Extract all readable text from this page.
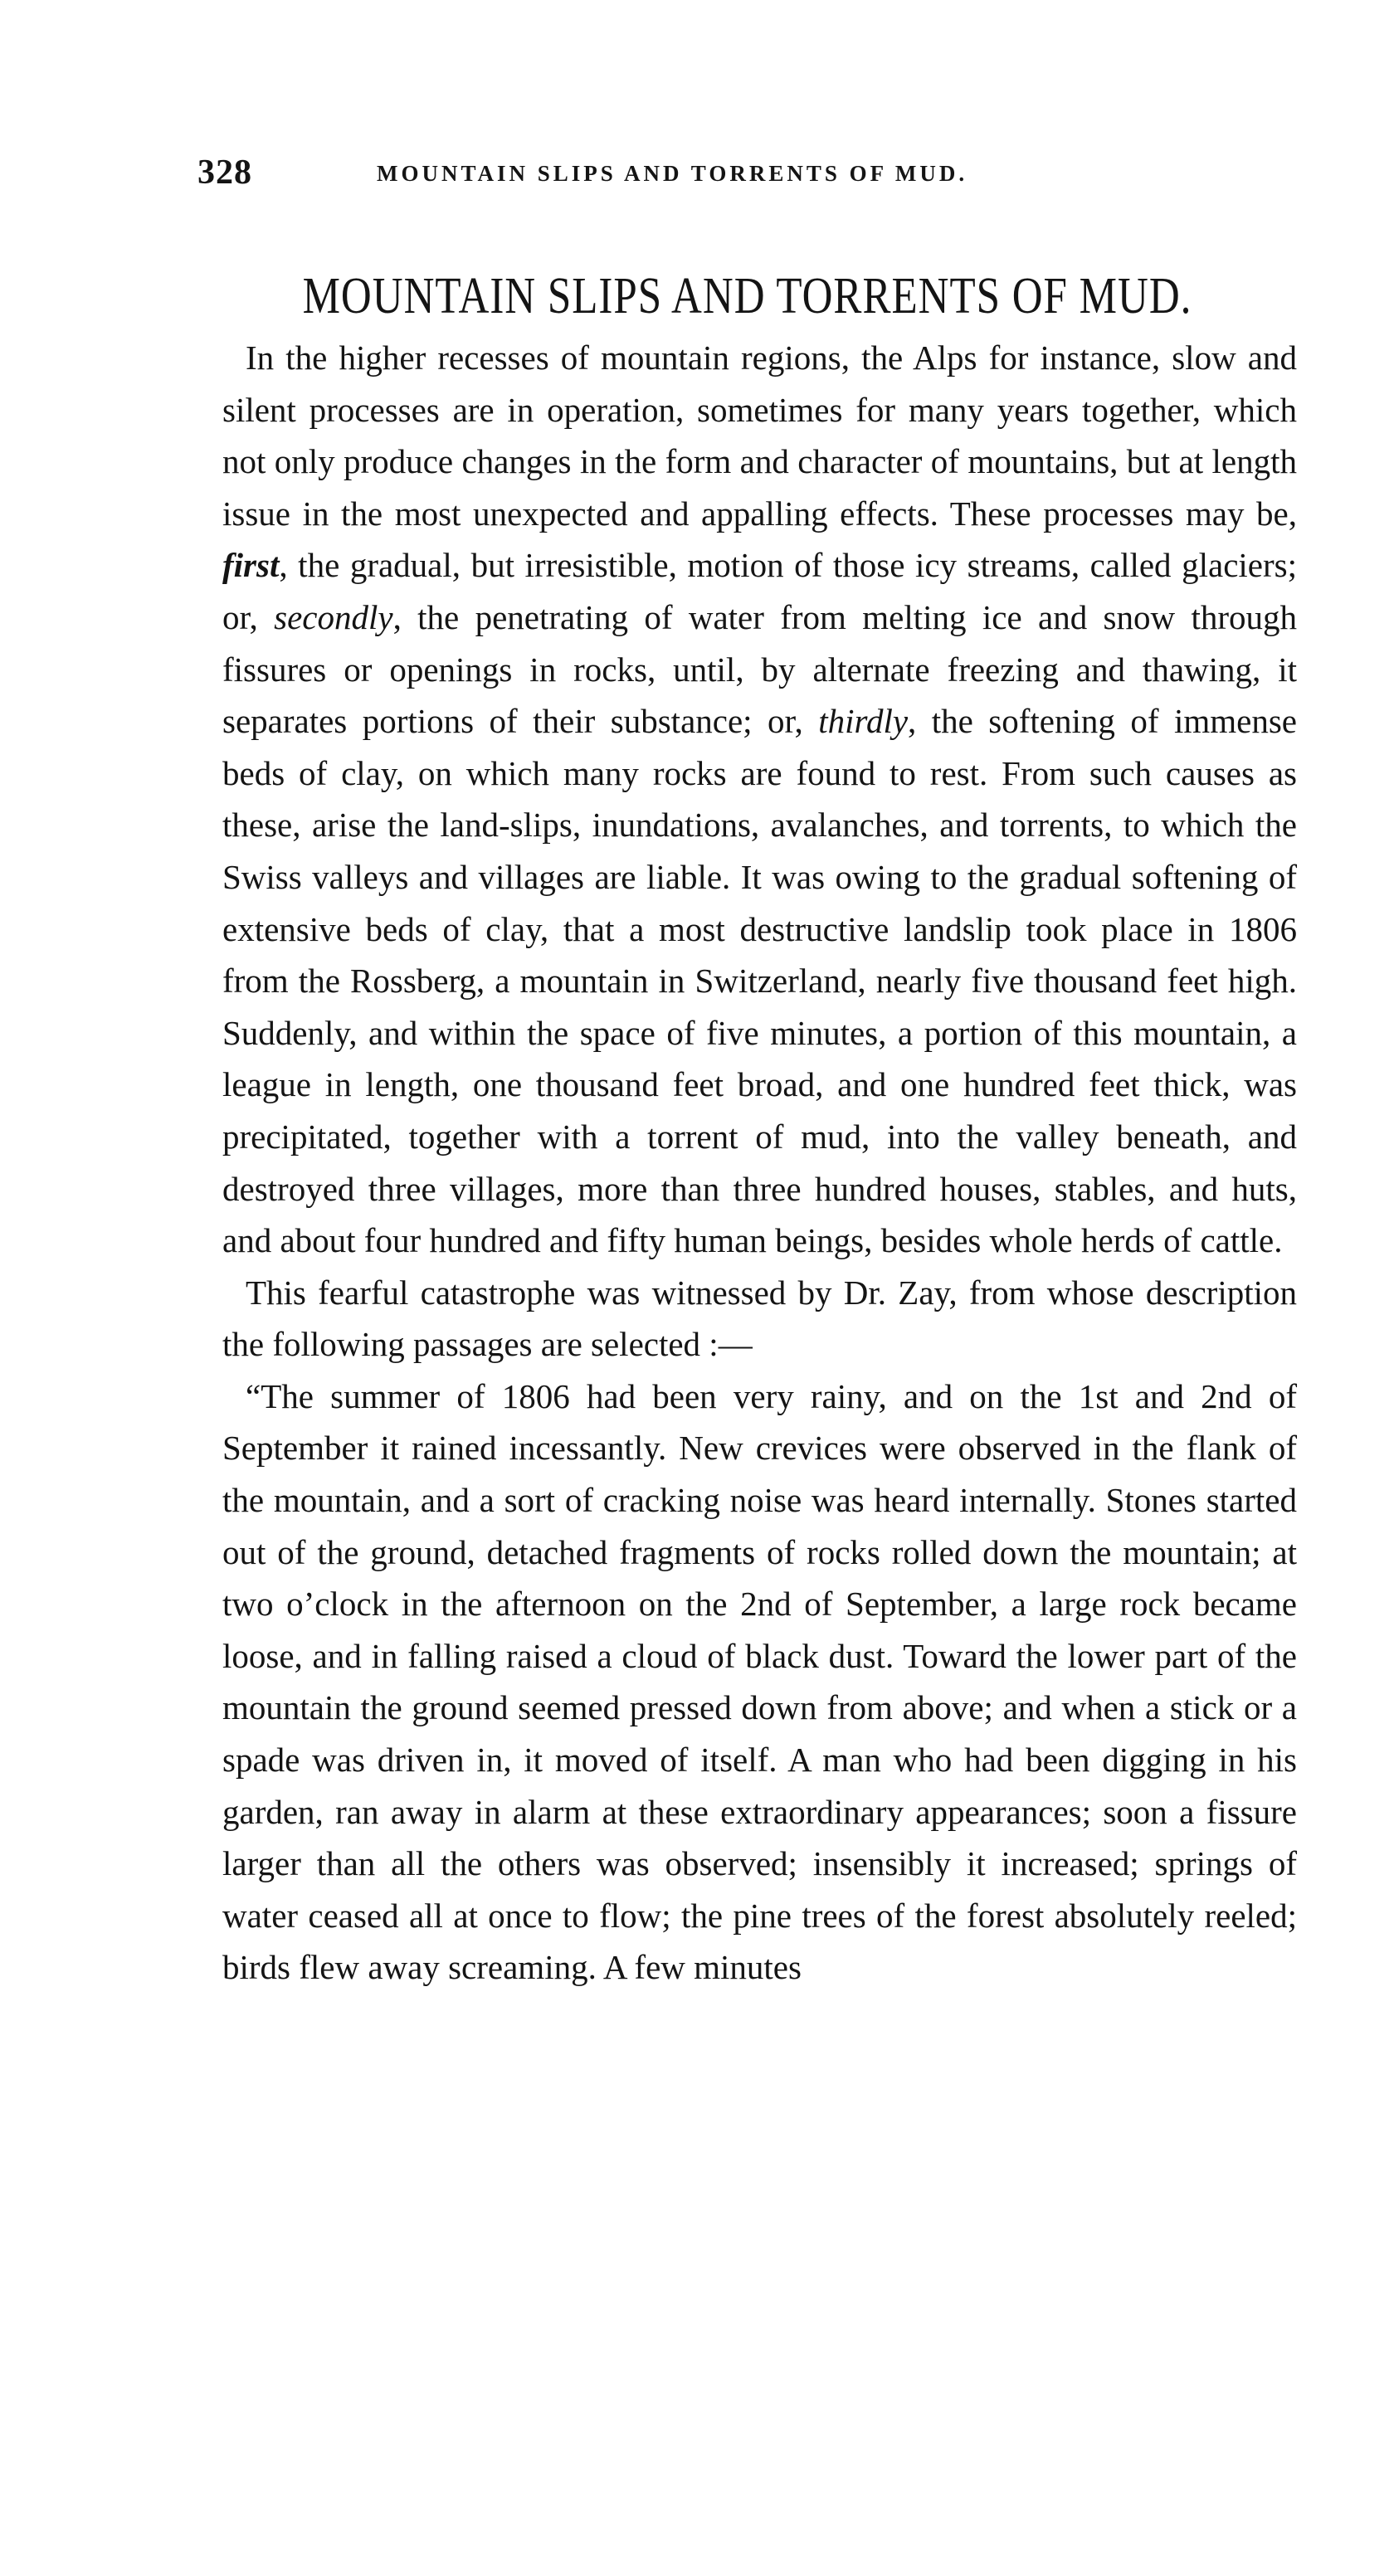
328	MOUNTAIN SLIPS AND TORRENTS OF MUD.
MOUNTAIN SLIPS AND TORRENTS OF MUD.

In the higher recesses of mountain regions, the Alps for instance, slow and silent processes are in operation, sometimes for many years together, which not only produce changes in the form and character of mountains, but at length issue in the most unexpected and appalling effects. These processes may be, first, the gradual, but irresistible, motion of those icy streams, called glaciers; or, secondly, the penetrating of water from melting ice and snow through fissures or openings in rocks, until, by alternate freezing and thawing, it separates portions of their substance; or, thirdly, the softening of immense beds of clay, on which many rocks are found to rest. From such causes as these, arise the land-slips, inundations, avalanches, and torrents, to which the Swiss valleys and villages are liable. It was owing to the gradual softening of extensive beds of clay, that a most destructive landslip took place in 1806 from the Rossberg, a mountain in Switzerland, nearly five thousand feet high. Suddenly, and within the space of five minutes, a portion of this mountain, a league in length, one thousand feet broad, and one hundred feet thick, was precipitated, together with a torrent of mud, into the valley beneath, and destroyed three villages, more than three hundred houses, stables, and huts, and about four hundred and fifty human beings, besides whole herds of cattle.

This fearful catastrophe was witnessed by Dr. Zay, from whose description the following passages are selected :—

“The summer of 1806 had been very rainy, and on the 1st and 2nd of September it rained incessantly. New crevices were observed in the flank of the mountain, and a sort of cracking noise was heard internally. Stones started out of the ground, detached fragments of rocks rolled down the mountain; at two o’clock in the afternoon on the 2nd of September, a large rock became loose, and in falling raised a cloud of black dust. Toward the lower part of the mountain the ground seemed pressed down from above; and when a stick or a spade was driven in, it moved of itself. A man who had been digging in his garden, ran away in alarm at these extraordinary appearances; soon a fissure larger than all the others was observed; insensibly it increased; springs of water ceased all at once to flow; the pine trees of the forest absolutely reeled; birds flew away screaming. A few minutes
